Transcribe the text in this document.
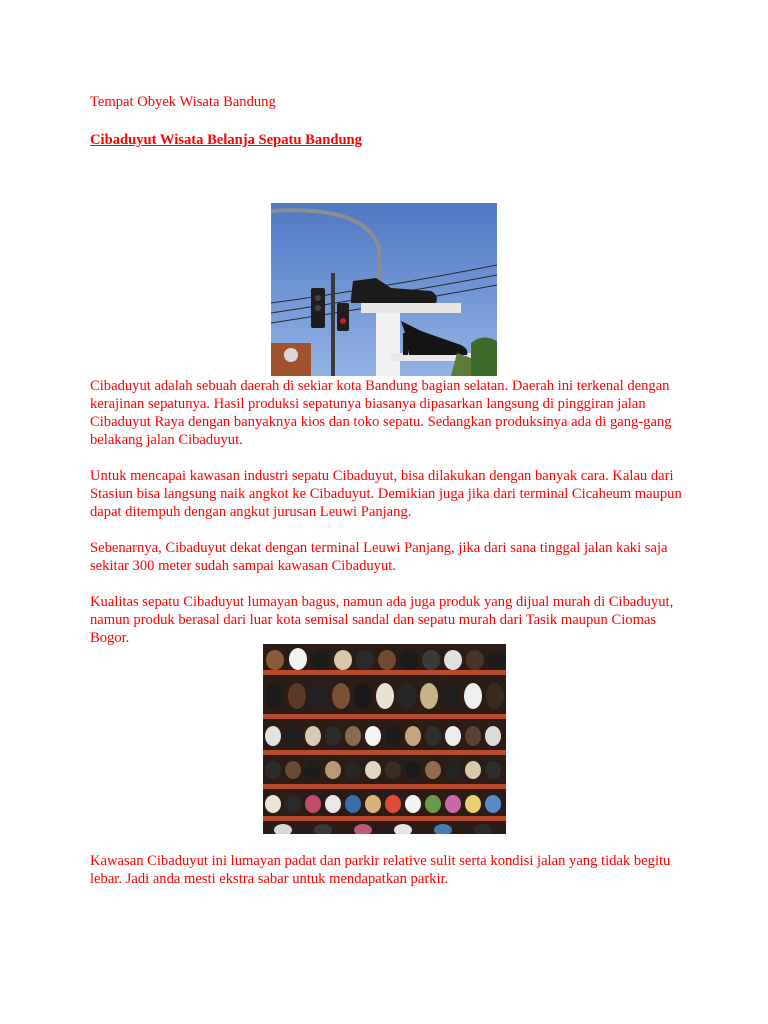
Tempat Obyek Wisata Bandung

Cibaduyut Wisata Belanja Sepatu Bandung

Cibaduyut adalah sebuah daerah di sekiar kota Bandung bagian selatan. Daerah ini terkenal dengan kerajinan sepatunya. Hasil produksi sepatunya biasanya dipasarkan langsung di pinggiran jalan Cibaduyut Raya dengan banyaknya kios dan toko sepatu. Sedangkan produksinya ada di gang-gang belakang jalan Cibaduyut.

Untuk mencapai kawasan industri sepatu Cibaduyut, bisa dilakukan dengan banyak cara. Kalau dari Stasiun bisa langsung naik angkot ke Cibaduyut. Demikian juga jika dari terminal Cicaheum maupun dapat ditempuh dengan angkut jurusan Leuwi Panjang.

Sebenarnya, Cibaduyut dekat dengan terminal Leuwi Panjang, jika dari sana tinggal jalan kaki saja sekitar 300 meter sudah sampai kawasan Cibaduyut.

Kualitas sepatu Cibaduyut lumayan bagus, namun ada juga produk yang dijual murah di Cibaduyut, namun produk berasal dari luar kota semisal sandal dan sepatu murah dari Tasik maupun Ciomas Bogor.

Kawasan Cibaduyut ini lumayan padat dan parkir relative sulit serta kondisi jalan yang tidak begitu lebar. Jadi anda mesti ekstra sabar untuk mendapatkan parkir.
